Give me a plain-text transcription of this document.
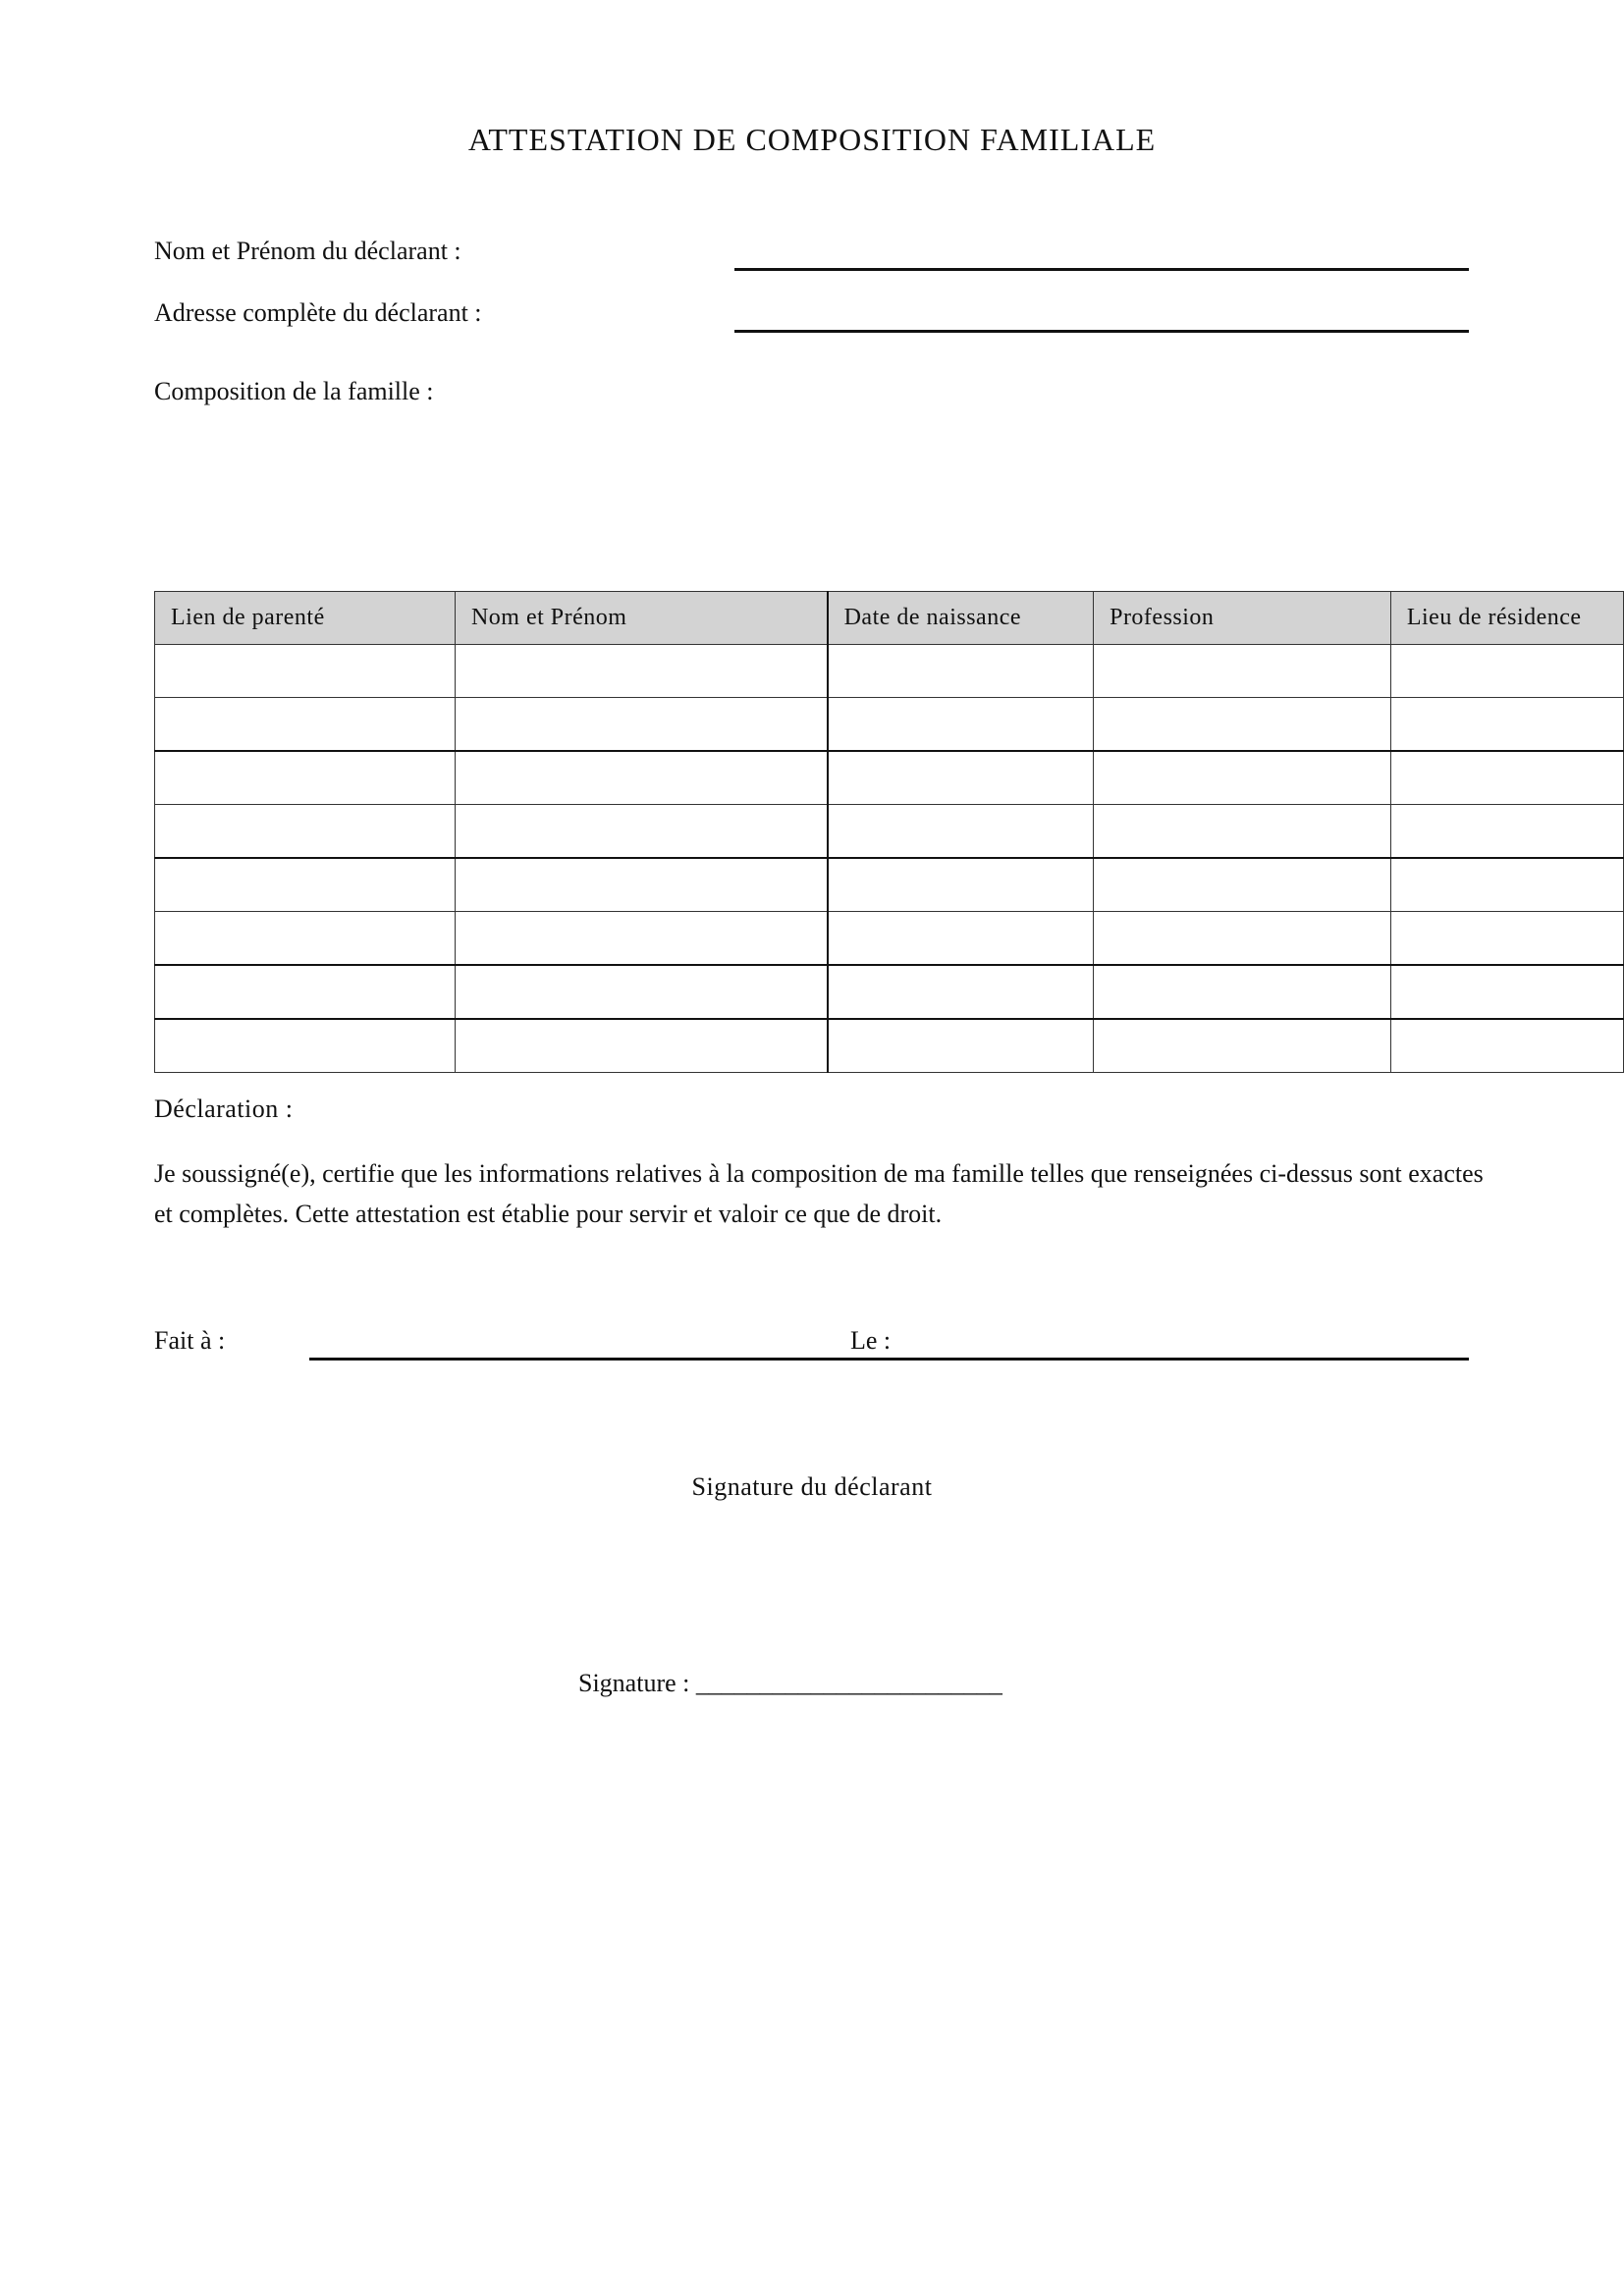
ATTESTATION DE COMPOSITION FAMILIALE
Nom et Prénom du déclarant :
Adresse complète du déclarant :
Composition de la famille :
Lien de parenté	Nom et Prénom	Date de naissance	Profession	Lieu de résidence

Déclaration :
Je soussigné(e), certifie que les informations relatives à la composition de ma famille telles que renseignées ci-dessus sont exactes et complètes. Cette attestation est établie pour servir et valoir ce que de droit.
Fait à :	Le :
Signature du déclarant
Signature : ________________________
